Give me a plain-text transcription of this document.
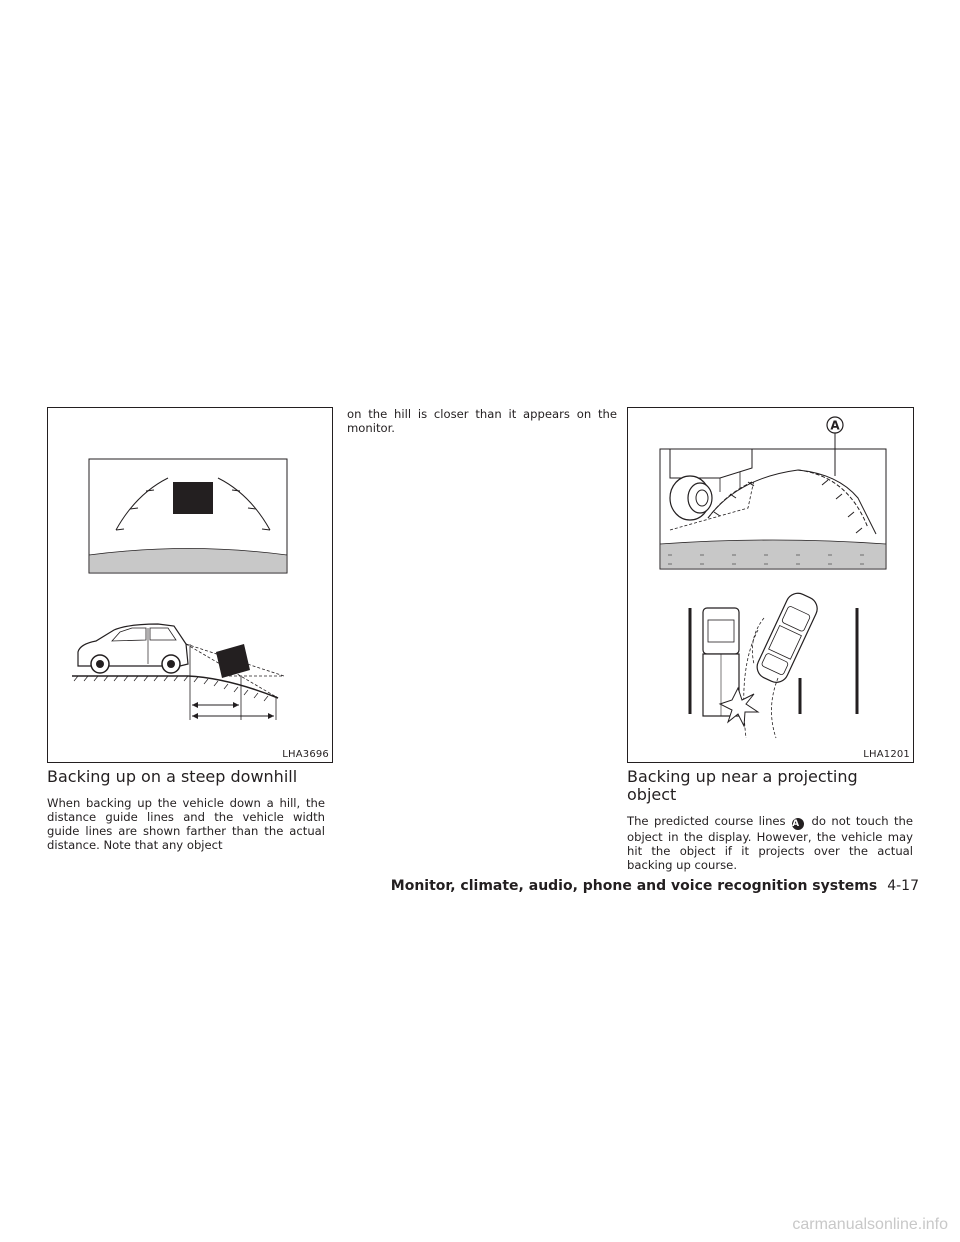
LHA3696
A
LHA1201
Backing up on a steep downhill

When backing up the vehicle down a hill, the distance guide lines and the vehicle width guide lines are shown farther than the actual distance. Note that any object

on the hill is closer than it appears on the monitor.

Backing up near a projecting object

The predicted course lines A do not touch the object in the display. However, the vehicle may hit the object if it projects over the actual backing up course.

Monitor, climate, audio, phone and voice recognition systems 4-17
carmanualsonline.info
